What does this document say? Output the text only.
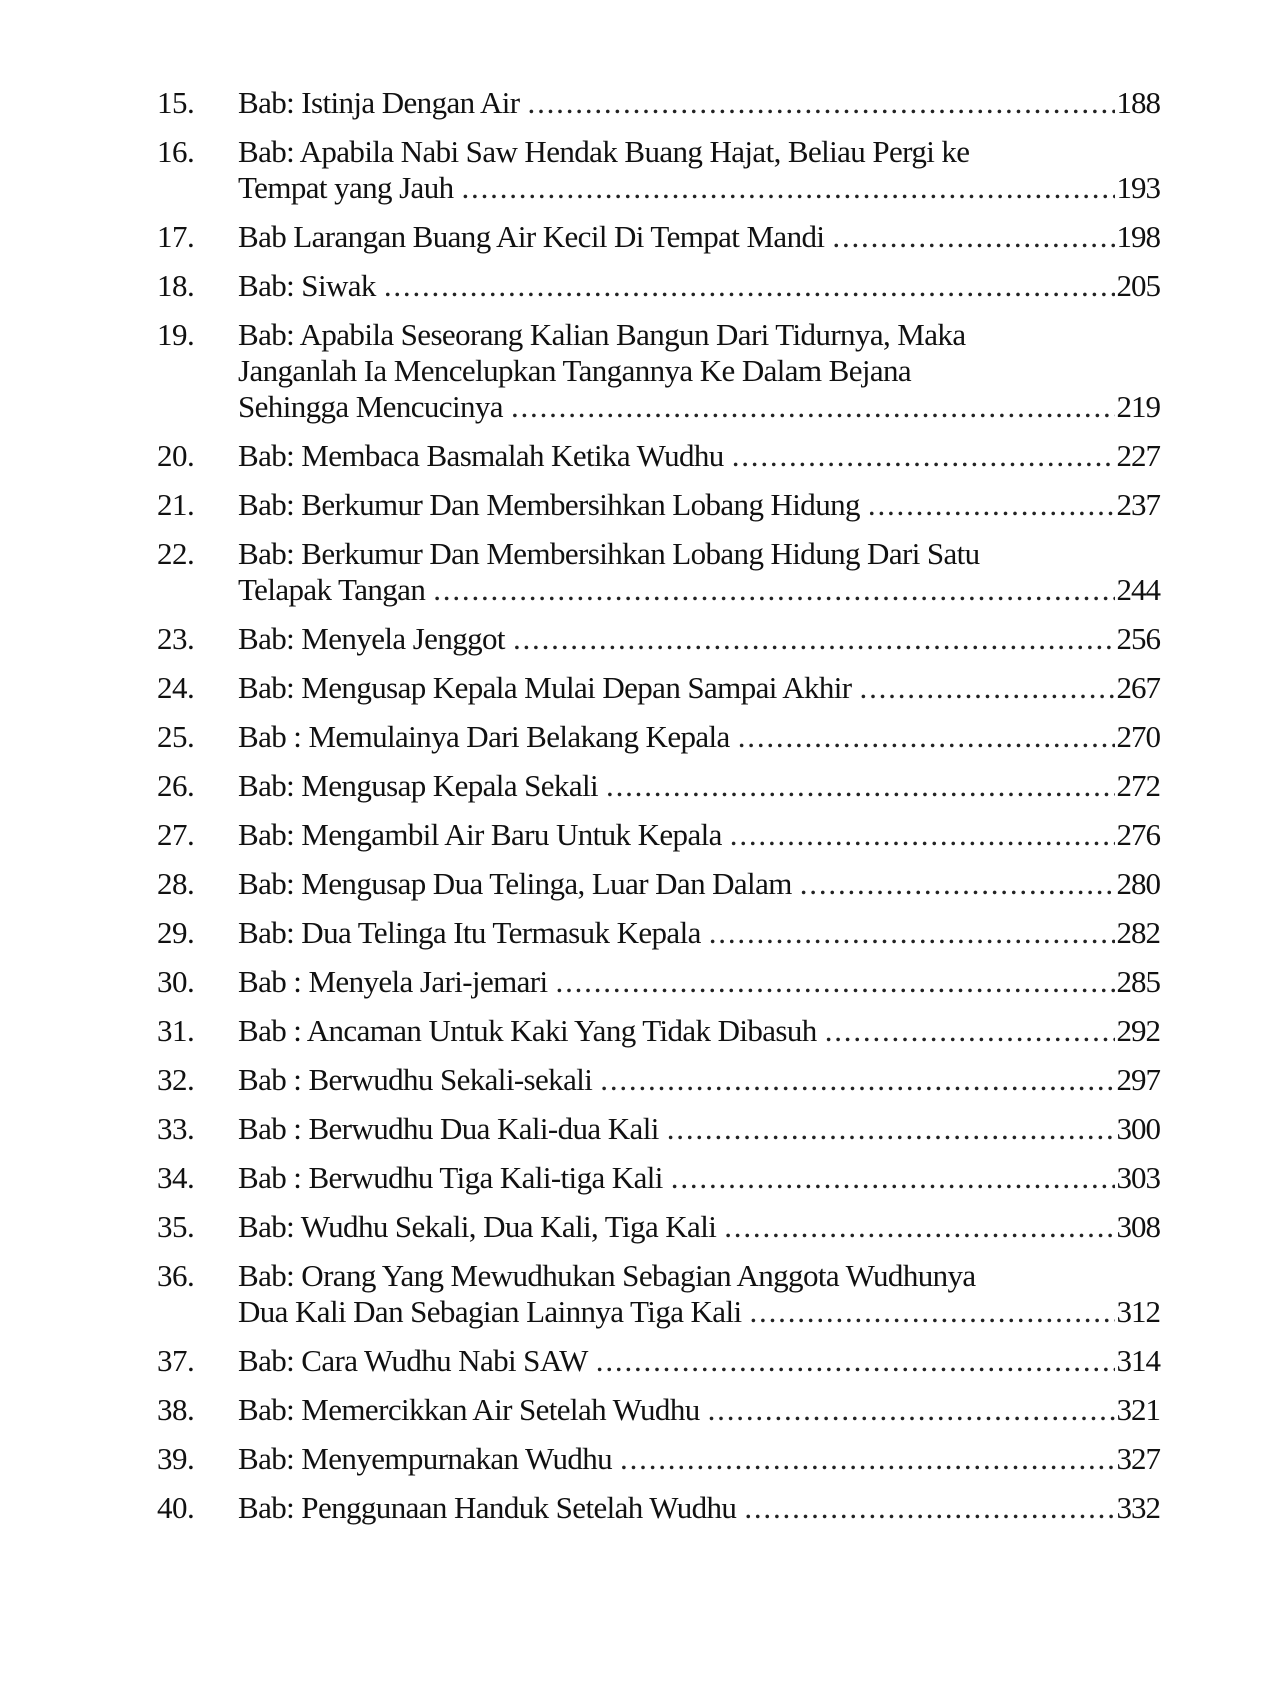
15.	Bab: Istinja Dengan Air .....	188
16.	Bab: Apabila Nabi Saw Hendak Buang Hajat, Beliau Pergi ke
Tempat yang Jauh .....	193
17.	Bab Larangan Buang Air Kecil Di Tempat Mandi .....	198
18.	Bab: Siwak .....	205
19.	Bab: Apabila Seseorang Kalian Bangun Dari Tidurnya, Maka
Janganlah Ia Mencelupkan Tangannya Ke Dalam Bejana
Sehingga Mencucinya .....	219
20.	Bab: Membaca Basmalah Ketika Wudhu .....	227
21.	Bab: Berkumur Dan Membersihkan Lobang Hidung .....	237
22.	Bab: Berkumur Dan Membersihkan Lobang Hidung Dari Satu
Telapak Tangan .....	244
23.	Bab: Menyela Jenggot .....	256
24.	Bab: Mengusap Kepala Mulai Depan Sampai Akhir .....	267
25.	Bab : Memulainya Dari Belakang Kepala .....	270
26.	Bab: Mengusap Kepala Sekali .....	272
27.	Bab: Mengambil Air Baru Untuk Kepala .....	276
28.	Bab: Mengusap Dua Telinga, Luar Dan Dalam .....	280
29.	Bab: Dua Telinga Itu Termasuk Kepala .....	282
30.	Bab : Menyela Jari-jemari .....	285
31.	Bab : Ancaman Untuk Kaki Yang Tidak Dibasuh .....	292
32.	Bab : Berwudhu Sekali-sekali .....	297
33.	Bab : Berwudhu Dua Kali-dua Kali .....	300
34.	Bab : Berwudhu Tiga Kali-tiga Kali .....	303
35.	Bab: Wudhu Sekali, Dua Kali, Tiga Kali .....	308
36.	Bab: Orang Yang Mewudhukan Sebagian Anggota Wudhunya
Dua Kali Dan Sebagian Lainnya Tiga Kali .....	312
37.	Bab: Cara Wudhu Nabi SAW .....	314
38.	Bab: Memercikkan Air Setelah Wudhu .....	321
39.	Bab: Menyempurnakan Wudhu .....	327
40.	Bab: Penggunaan Handuk Setelah Wudhu .....	332
